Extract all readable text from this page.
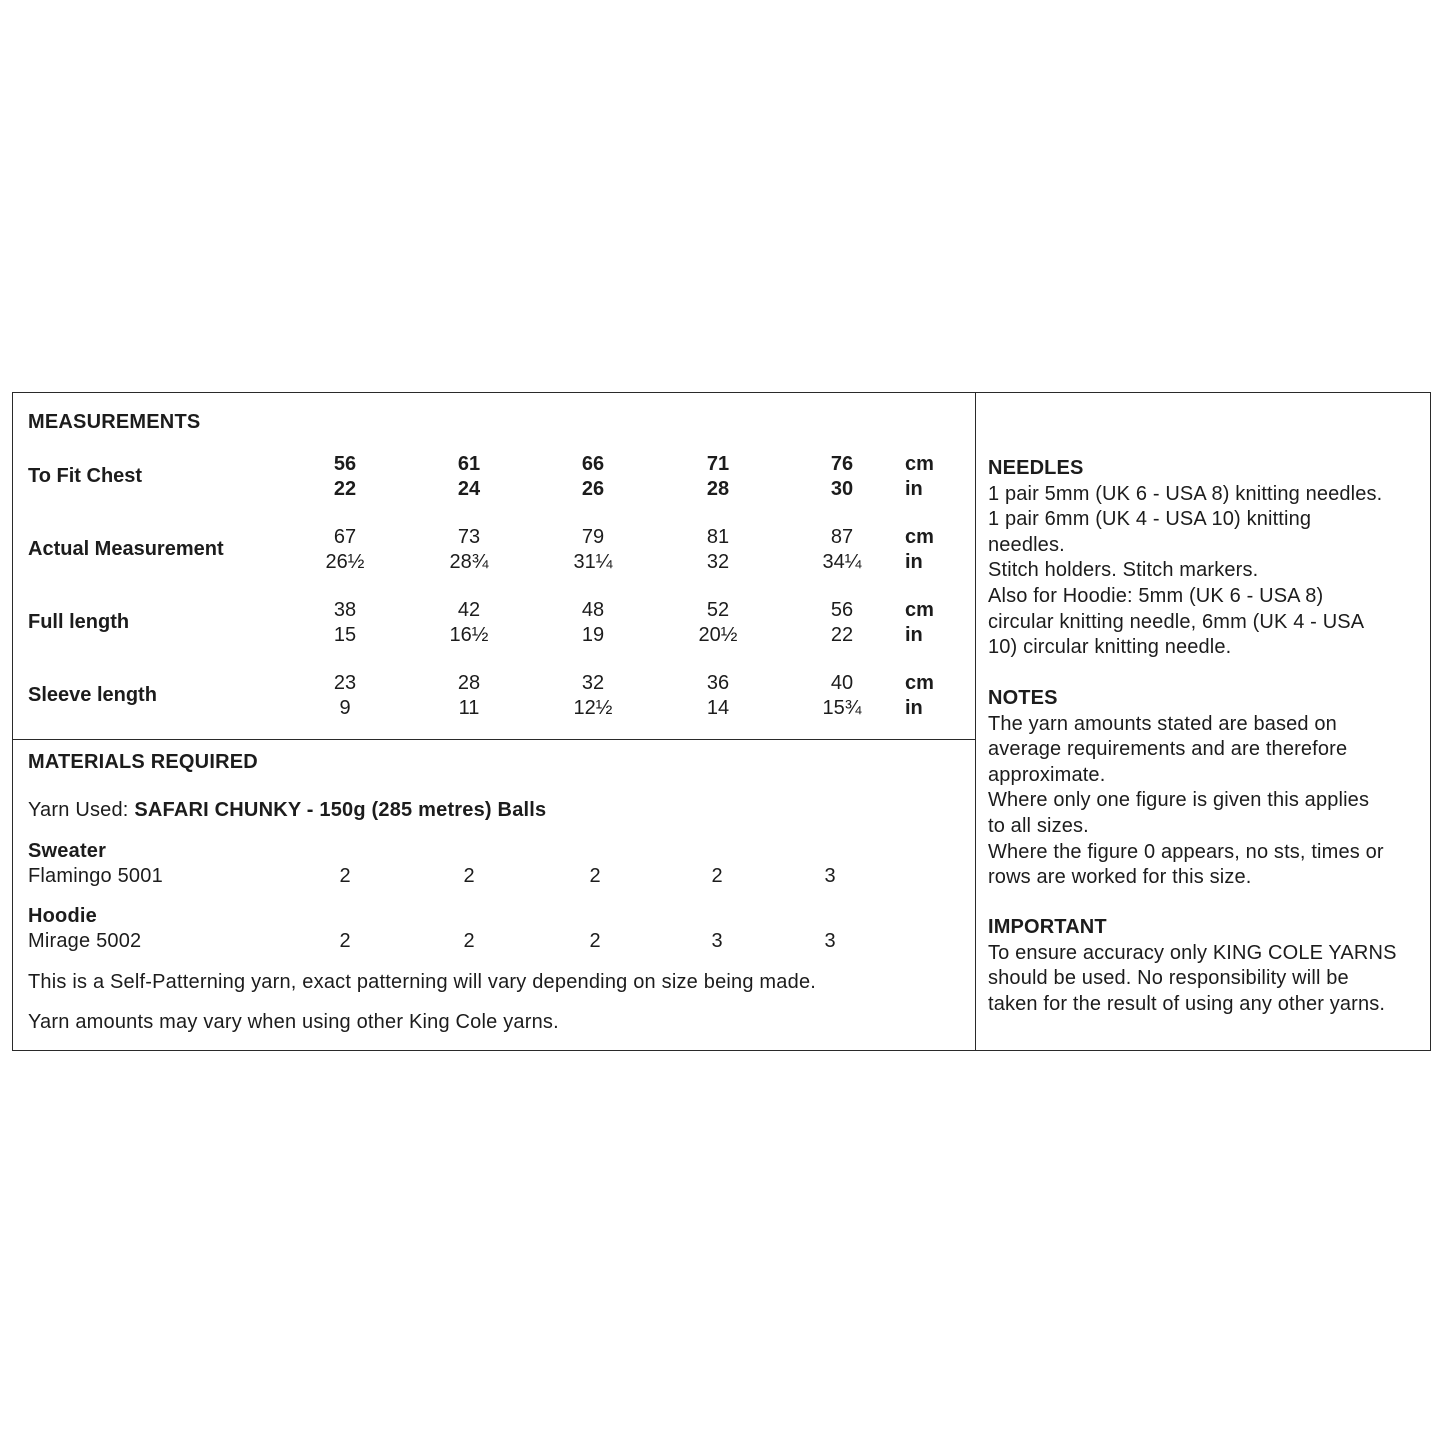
MEASUREMENTS
To Fit Chest
56	61	66	71	76	cm
22	24	26	28	30	in
Actual Measurement
67	73	79	81	87	cm
26½	28¾	31¼	32	34¼	in
Full length
38	42	48	52	56	cm
15	16½	19	20½	22	in
Sleeve length
23	28	32	36	40	cm
9	11	12½	14	15¾	in
MATERIALS REQUIRED
Yarn Used: SAFARI CHUNKY - 150g (285 metres) Balls
Sweater
Flamingo 5001	2	2	2	2	3
Hoodie
Mirage 5002	2	2	2	3	3
This is a Self-Patterning yarn, exact patterning will vary depending on size being made.
Yarn amounts may vary when using other King Cole yarns.

NEEDLES

1 pair 5mm (UK 6 - USA 8) knitting needles.

1 pair 6mm (UK 4 - USA 10) knitting

needles.

Stitch holders. Stitch markers.

Also for Hoodie: 5mm (UK 6 - USA 8)

circular knitting needle, 6mm (UK 4 - USA

10) circular knitting needle.

NOTES

The yarn amounts stated are based on

average requirements and are therefore

approximate.

Where only one figure is given this applies

to all sizes.

Where the figure 0 appears, no sts, times or

rows are worked for this size.

IMPORTANT

To ensure accuracy only KING COLE YARNS

should be used. No responsibility will be

taken for the result of using any other yarns.
